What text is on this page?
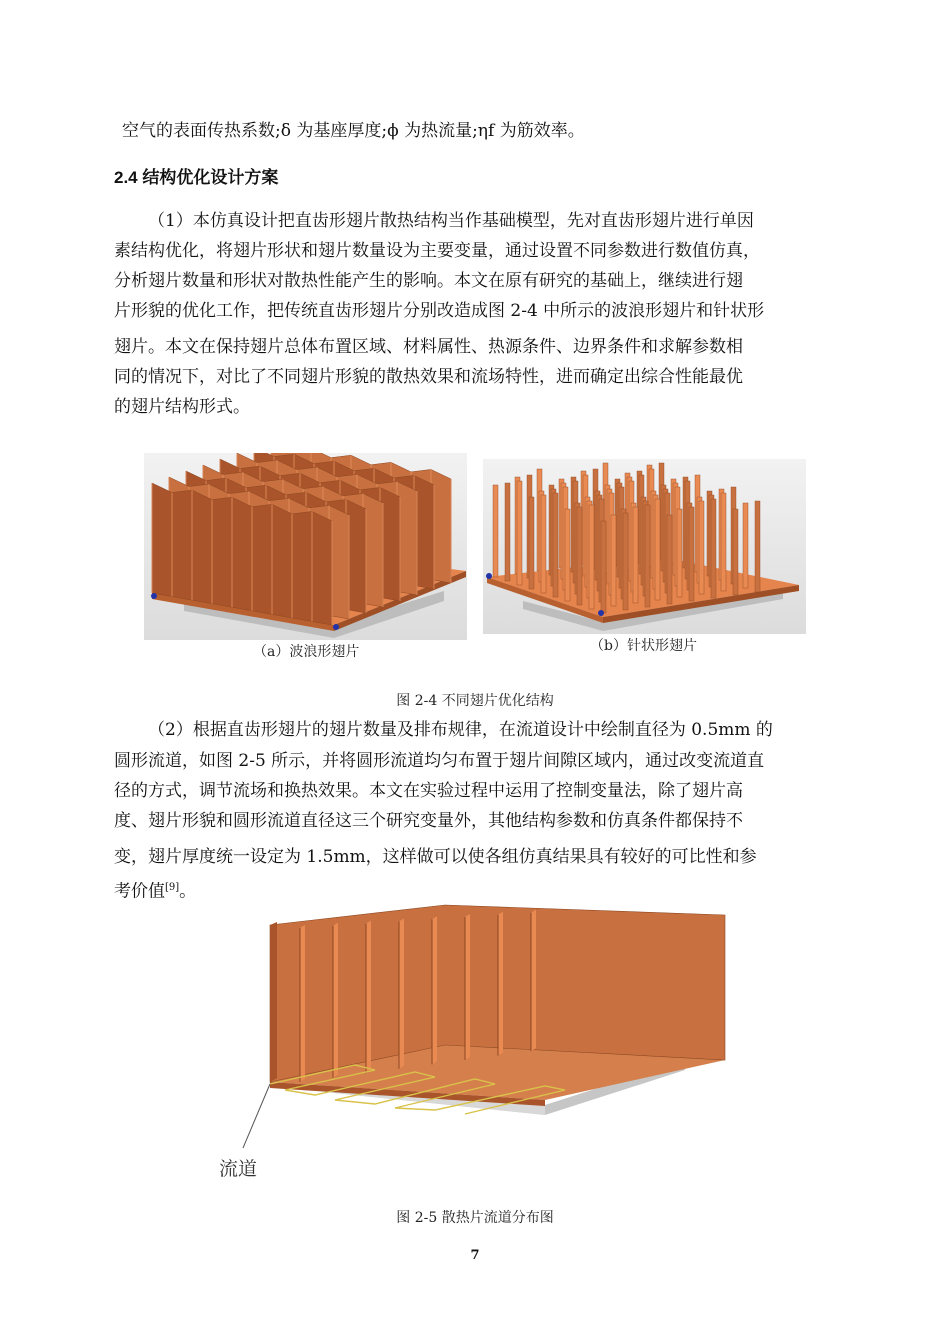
空气的表面传热系数;δ 为基座厚度;ϕ 为热流量;ηf 为筋效率。
2.4 结构优化设计方案
（1）本仿真设计把直齿形翅片散热结构当作基础模型，先对直齿形翅片进行单因
素结构优化，将翅片形状和翅片数量设为主要变量，通过设置不同参数进行数值仿真，
分析翅片数量和形状对散热性能产生的影响。本文在原有研究的基础上，继续进行翅
片形貌的优化工作，把传统直齿形翅片分别改造成图 2-4 中所示的波浪形翅片和针状形
翅片。本文在保持翅片总体布置区域、材料属性、热源条件、边界条件和求解参数相
同的情况下，对比了不同翅片形貌的散热效果和流场特性，进而确定出综合性能最优
的翅片结构形式。
（a）波浪形翅片	（b）针状形翅片
图 2-4 不同翅片优化结构
（2）根据直齿形翅片的翅片数量及排布规律，在流道设计中绘制直径为 0.5mm 的
圆形流道，如图 2-5 所示，并将圆形流道均匀布置于翅片间隙区域内，通过改变流道直
径的方式，调节流场和换热效果。本文在实验过程中运用了控制变量法，除了翅片高
度、翅片形貌和圆形流道直径这三个研究变量外，其他结构参数和仿真条件都保持不
变，翅片厚度统一设定为 1.5mm，这样做可以使各组仿真结果具有较好的可比性和参
考价值[9]。
流道
图 2-5 散热片流道分布图
7
